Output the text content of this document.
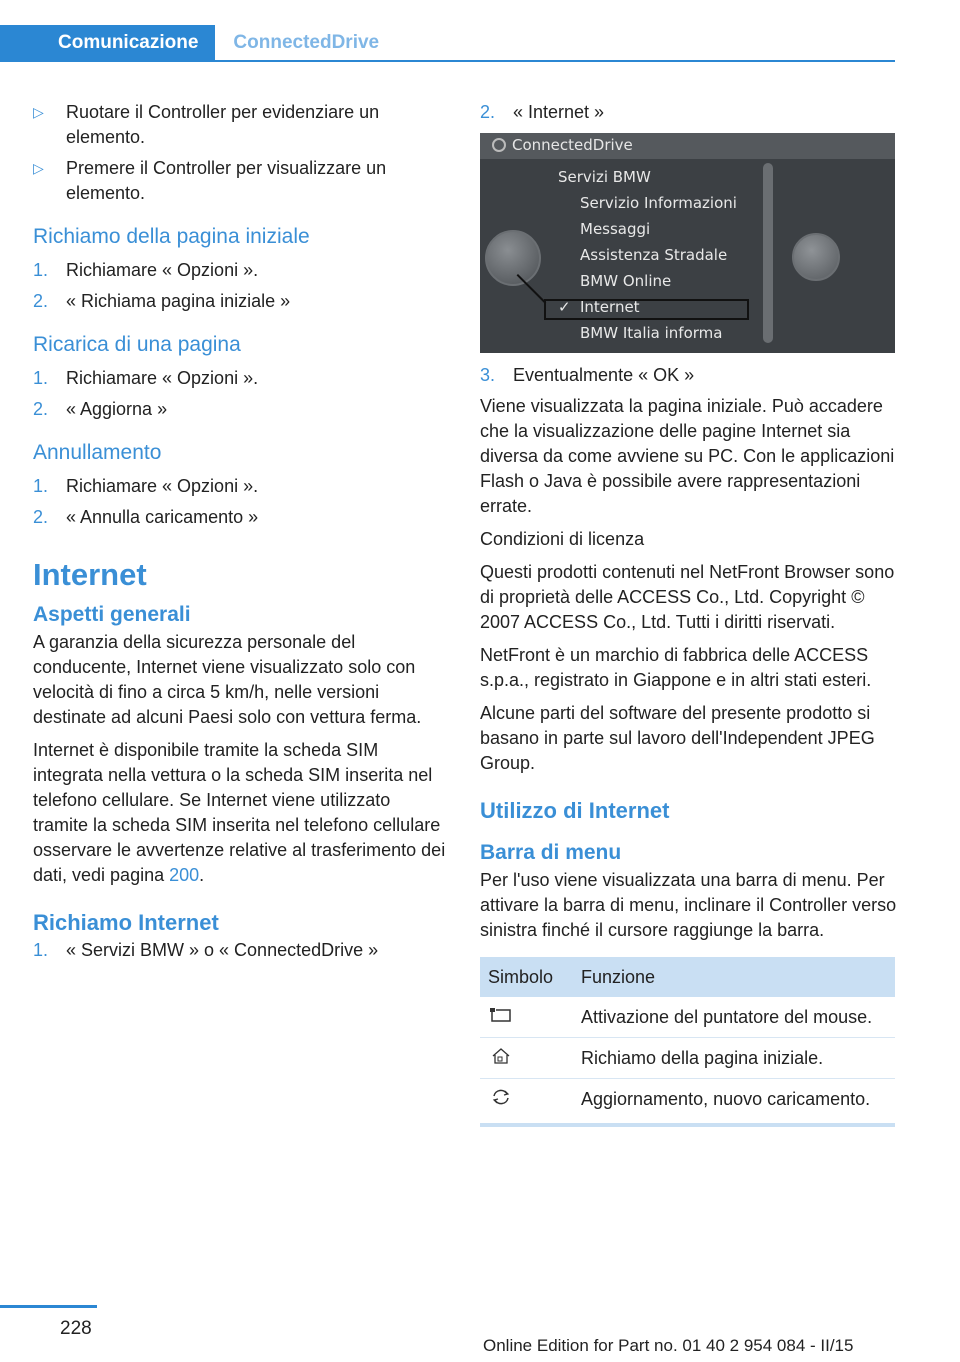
Comunicazione	ConnectedDrive
▷	Ruotare il Controller per evidenziare un elemento.
▷	Premere il Controller per visualizzare un elemento.
Richiamo della pagina iniziale
1. Richiamare « Opzioni ».
2. « Richiama pagina iniziale »
Ricarica di una pagina
1. Richiamare « Opzioni ».
2. « Aggiorna »
Annullamento
1. Richiamare « Opzioni ».
2. « Annulla caricamento »
Internet
Aspetti generali

A garanzia della sicurezza personale del conducente, Internet viene visualizzato solo con velocità di fino a circa 5 km/h, nelle versioni destinate ad alcuni Paesi solo con vettura ferma.

Internet è disponibile tramite la scheda SIM integrata nella vettura o la scheda SIM inserita nel telefono cellulare. Se Internet viene utilizzato tramite la scheda SIM inserita nel telefono cellulare osservare le avvertenze relative al trasferimento dei dati, vedi pagina 200.

Richiamo Internet
1. « Servizi BMW » o « ConnectedDrive »
2. « Internet »
ConnectedDrive
Servizi BMW
Servizio Informazioni
Messaggi
Assistenza Stradale
BMW Online
✓ Internet
BMW Italia informa
3. Eventualmente « OK »

Viene visualizzata la pagina iniziale. Può accadere che la visualizzazione delle pagine Internet sia diversa da come avviene su PC. Con le applicazioni Flash o Java è possibile avere rappresentazioni errate.

Condizioni di licenza

Questi prodotti contenuti nel NetFront Browser sono di proprietà delle ACCESS Co., Ltd. Copyright © 2007 ACCESS Co., Ltd. Tutti i diritti riservati.

NetFront è un marchio di fabbrica delle ACCESS s.p.a., registrato in Giappone e in altri stati esteri.

Alcune parti del software del presente prodotto si basano in parte sul lavoro dell'Independent JPEG Group.

Utilizzo di Internet
Barra di menu

Per l'uso viene visualizzata una barra di menu. Per attivare la barra di menu, inclinare il Controller verso sinistra finché il cursore raggiunge la barra.

Simbolo	Funzione
	Attivazione del puntatore del mouse.
	Richiamo della pagina iniziale.
	Aggiornamento, nuovo caricamento.
228
Online Edition for Part no. 01 40 2 954 084 - II/15
